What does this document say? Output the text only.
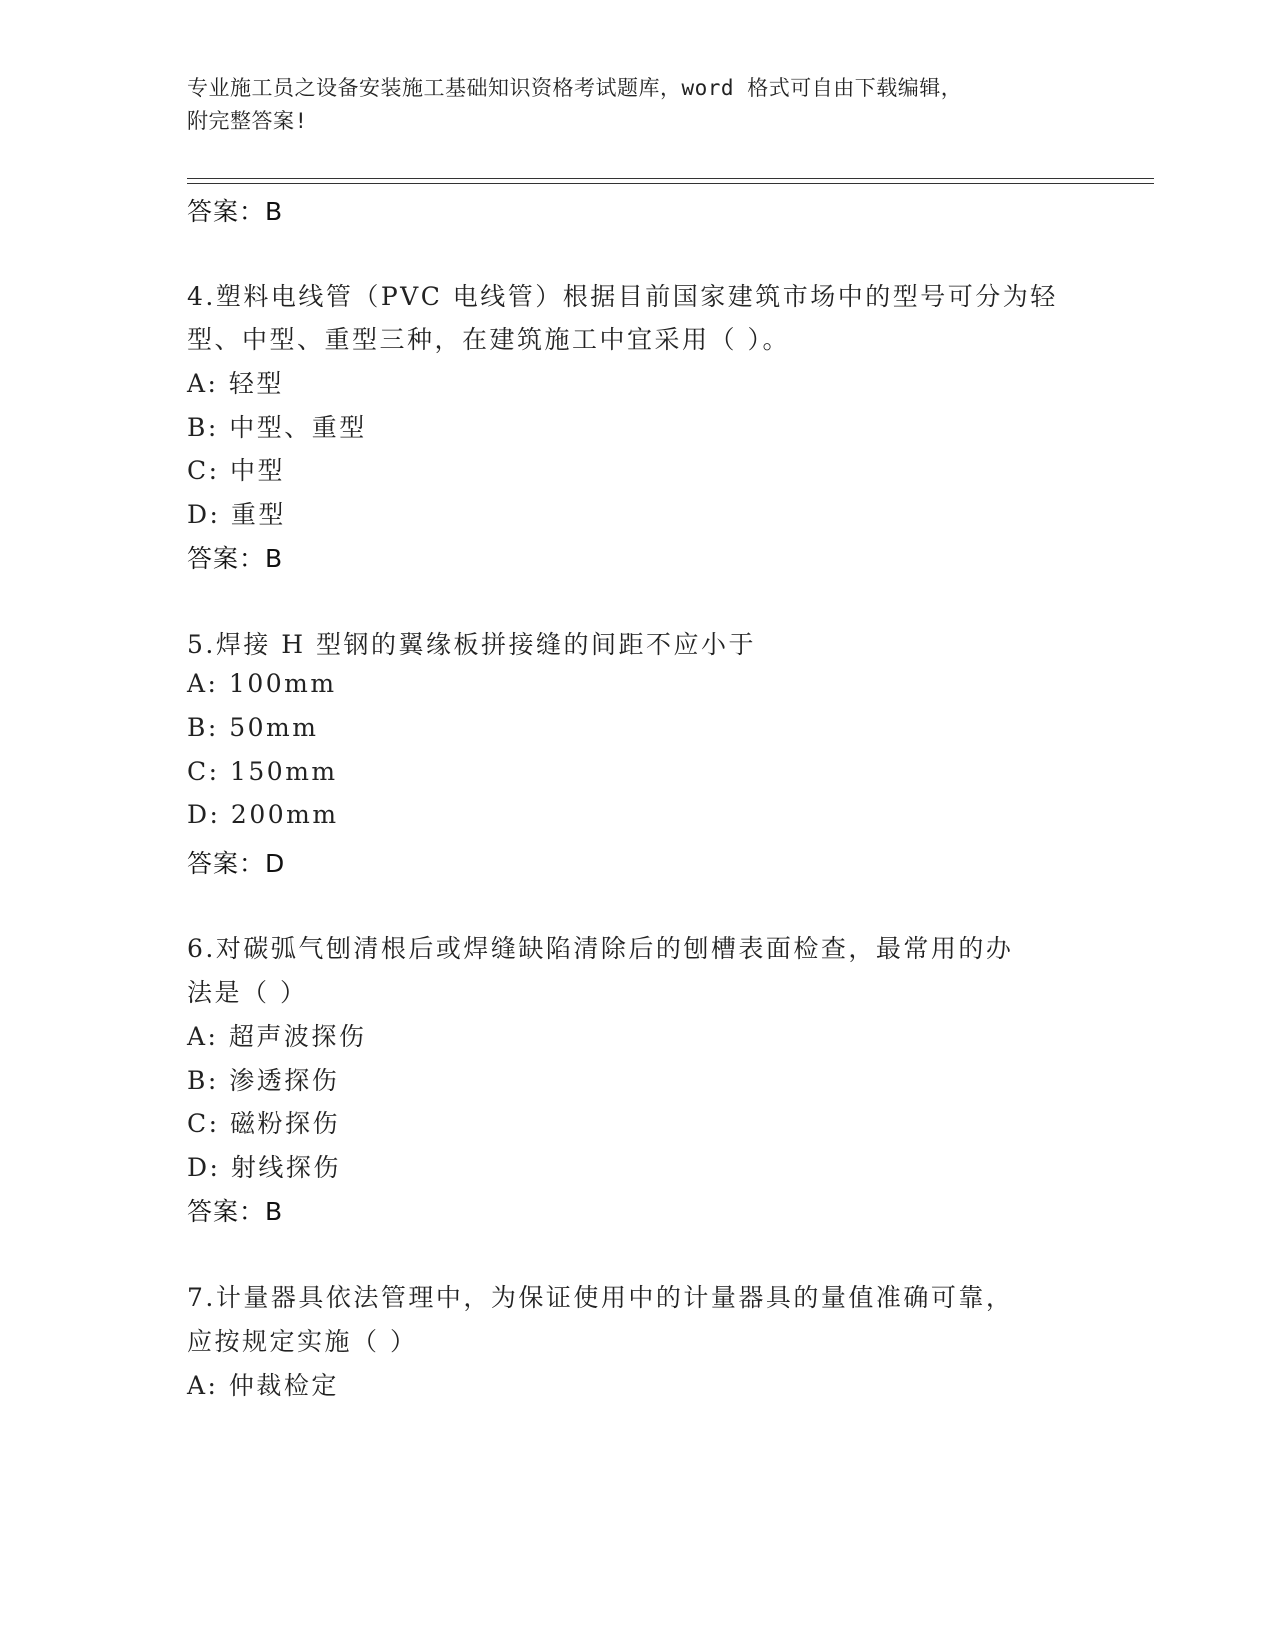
专业施工员之设备安装施工基础知识资格考试题库，word 格式可自由下载编辑，
附完整答案!
答案：B
4.塑料电线管（PVC 电线管）根据目前国家建筑市场中的型号可分为轻
型、中型、重型三种，在建筑施工中宜采用（ ）。
A: 轻型
B: 中型、重型
C: 中型
D: 重型
答案：B
5.焊接 H 型钢的翼缘板拼接缝的间距不应小于
A: 100mm
B: 50mm
C: 150mm
D: 200mm
答案：D
6.对碳弧气刨清根后或焊缝缺陷清除后的刨槽表面检查，最常用的办
法是（ ）
A: 超声波探伤
B: 渗透探伤
C: 磁粉探伤
D: 射线探伤
答案：B
7.计量器具依法管理中，为保证使用中的计量器具的量值准确可靠，
应按规定实施（ ）
A: 仲裁检定
